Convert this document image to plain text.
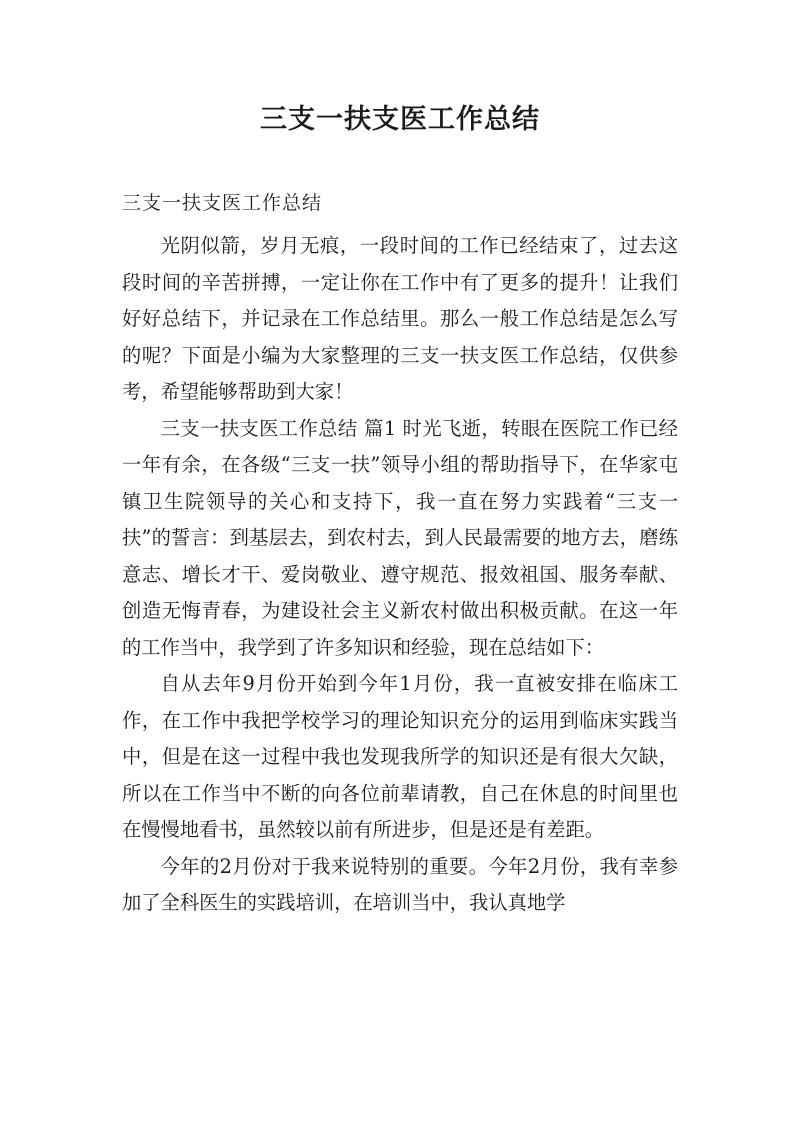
三支一扶支医工作总结
三支一扶支医工作总结

光阴似箭，岁月无痕，一段时间的工作已经结束了，过去这段时间的辛苦拼搏，一定让你在工作中有了更多的提升！让我们好好总结下，并记录在工作总结里。那么一般工作总结是怎么写的呢？下面是小编为大家整理的三支一扶支医工作总结，仅供参考，希望能够帮助到大家！

三支一扶支医工作总结 篇1 时光飞逝，转眼在医院工作已经一年有余，在各级“三支一扶”领导小组的帮助指导下，在华家屯镇卫生院领导的关心和支持下，我一直在努力实践着“三支一扶”的誓言：到基层去，到农村去，到人民最需要的地方去，磨练意志、增长才干、爱岗敬业、遵守规范、报效祖国、服务奉献、创造无悔青春，为建设社会主义新农村做出积极贡献。在这一年的工作当中，我学到了许多知识和经验，现在总结如下：

自从去年9月份开始到今年1月份，我一直被安排在临床工作，在工作中我把学校学习的理论知识充分的运用到临床实践当中，但是在这一过程中我也发现我所学的知识还是有很大欠缺，所以在工作当中不断的向各位前辈请教，自己在休息的时间里也在慢慢地看书，虽然较以前有所进步，但是还是有差距。

今年的2月份对于我来说特别的重要。今年2月份，我有幸参加了全科医生的实践培训，在培训当中，我认真地学
